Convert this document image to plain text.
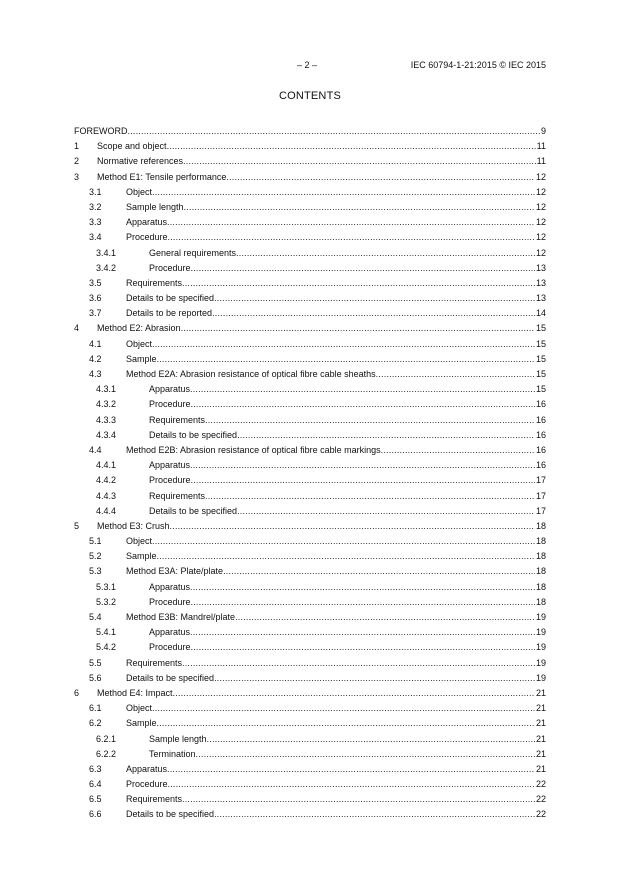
– 2 –	IEC 60794-1-21:2015 © IEC 2015
CONTENTS
FOREWORD .....	9
1 Scope and object .....	11
2 Normative references .....	11
3 Method E1: Tensile performance .....	12
3.1	Object .....	12
3.2	Sample length .....	12
3.3	Apparatus .....	12
3.4	Procedure .....	12
3.4.1	General requirements .....	12
3.4.2	Procedure .....	13
3.5	Requirements .....	13
3.6	Details to be specified .....	13
3.7	Details to be reported .....	14
4 Method E2: Abrasion .....	15
4.1	Object .....	15
4.2	Sample .....	15
4.3	Method E2A: Abrasion resistance of optical fibre cable sheaths .....	15
4.3.1	Apparatus .....	15
4.3.2	Procedure .....	16
4.3.3	Requirements .....	16
4.3.4	Details to be specified .....	16
4.4	Method E2B: Abrasion resistance of optical fibre cable markings .....	16
4.4.1	Apparatus .....	16
4.4.2	Procedure .....	17
4.4.3	Requirements .....	17
4.4.4	Details to be specified .....	17
5 Method E3: Crush .....	18
5.1	Object .....	18
5.2	Sample .....	18
5.3	Method E3A: Plate/plate .....	18
5.3.1	Apparatus .....	18
5.3.2	Procedure .....	18
5.4	Method E3B: Mandrel/plate .....	19
5.4.1	Apparatus .....	19
5.4.2	Procedure .....	19
5.5	Requirements .....	19
5.6	Details to be specified .....	19
6 Method E4: Impact .....	21
6.1	Object .....	21
6.2	Sample .....	21
6.2.1	Sample length .....	21
6.2.2	Termination .....	21
6.3	Apparatus .....	21
6.4	Procedure .....	22
6.5	Requirements .....	22
6.6	Details to be specified .....	22
